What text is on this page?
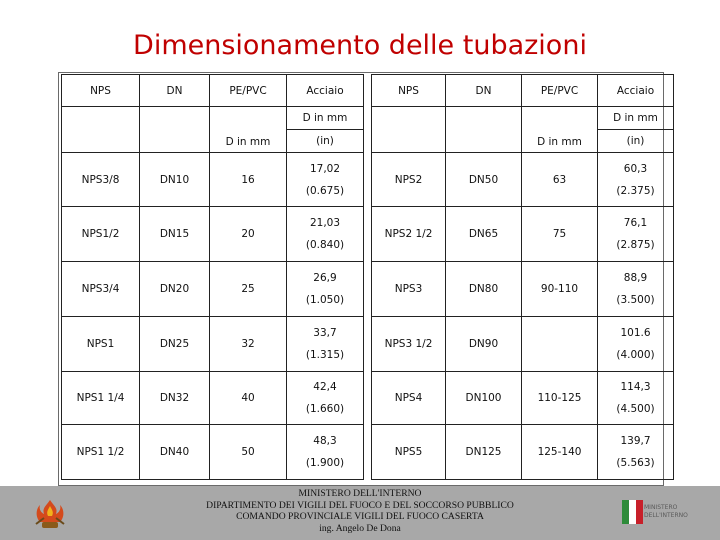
Dimensionamento delle tubazioni
NPS	DN	PE/PVC	Acciaio
		D in mm	D in mm
			(in)
NPS3/8	DN10	16	17,02
(0.675)

NPS1/2	DN15	20	21,03
(0.840)

NPS3/4	DN20	25	26,9
(1.050)

NPS1	DN25	32	33,7
(1.315)

NPS1 1/4	DN32	40	42,4
(1.660)

NPS1 1/2	DN40	50	48,3
(1.900)
NPS	DN	PE/PVC	Acciaio
		D in mm	D in mm
			(in)
NPS2	DN50	63	60,3
(2.375)

NPS2 1/2	DN65	75	76,1
(2.875)

NPS3	DN80	90-110	88,9
(3.500)

NPS3 1/2	DN90		101.6
(4.000)

NPS4	DN100	110-125	114,3
(4.500)

NPS5	DN125	125-140	139,7
(5.563)
MINISTERO DELL'INTERNO
DIPARTIMENTO DEI VIGILI DEL FUOCO E DEL SOCCORSO PUBBLICO
COMANDO PROVINCIALE VIGILI DEL FUOCO CASERTA
ing. Angelo De Dona
MINISTERO
DELL'INTERNO
